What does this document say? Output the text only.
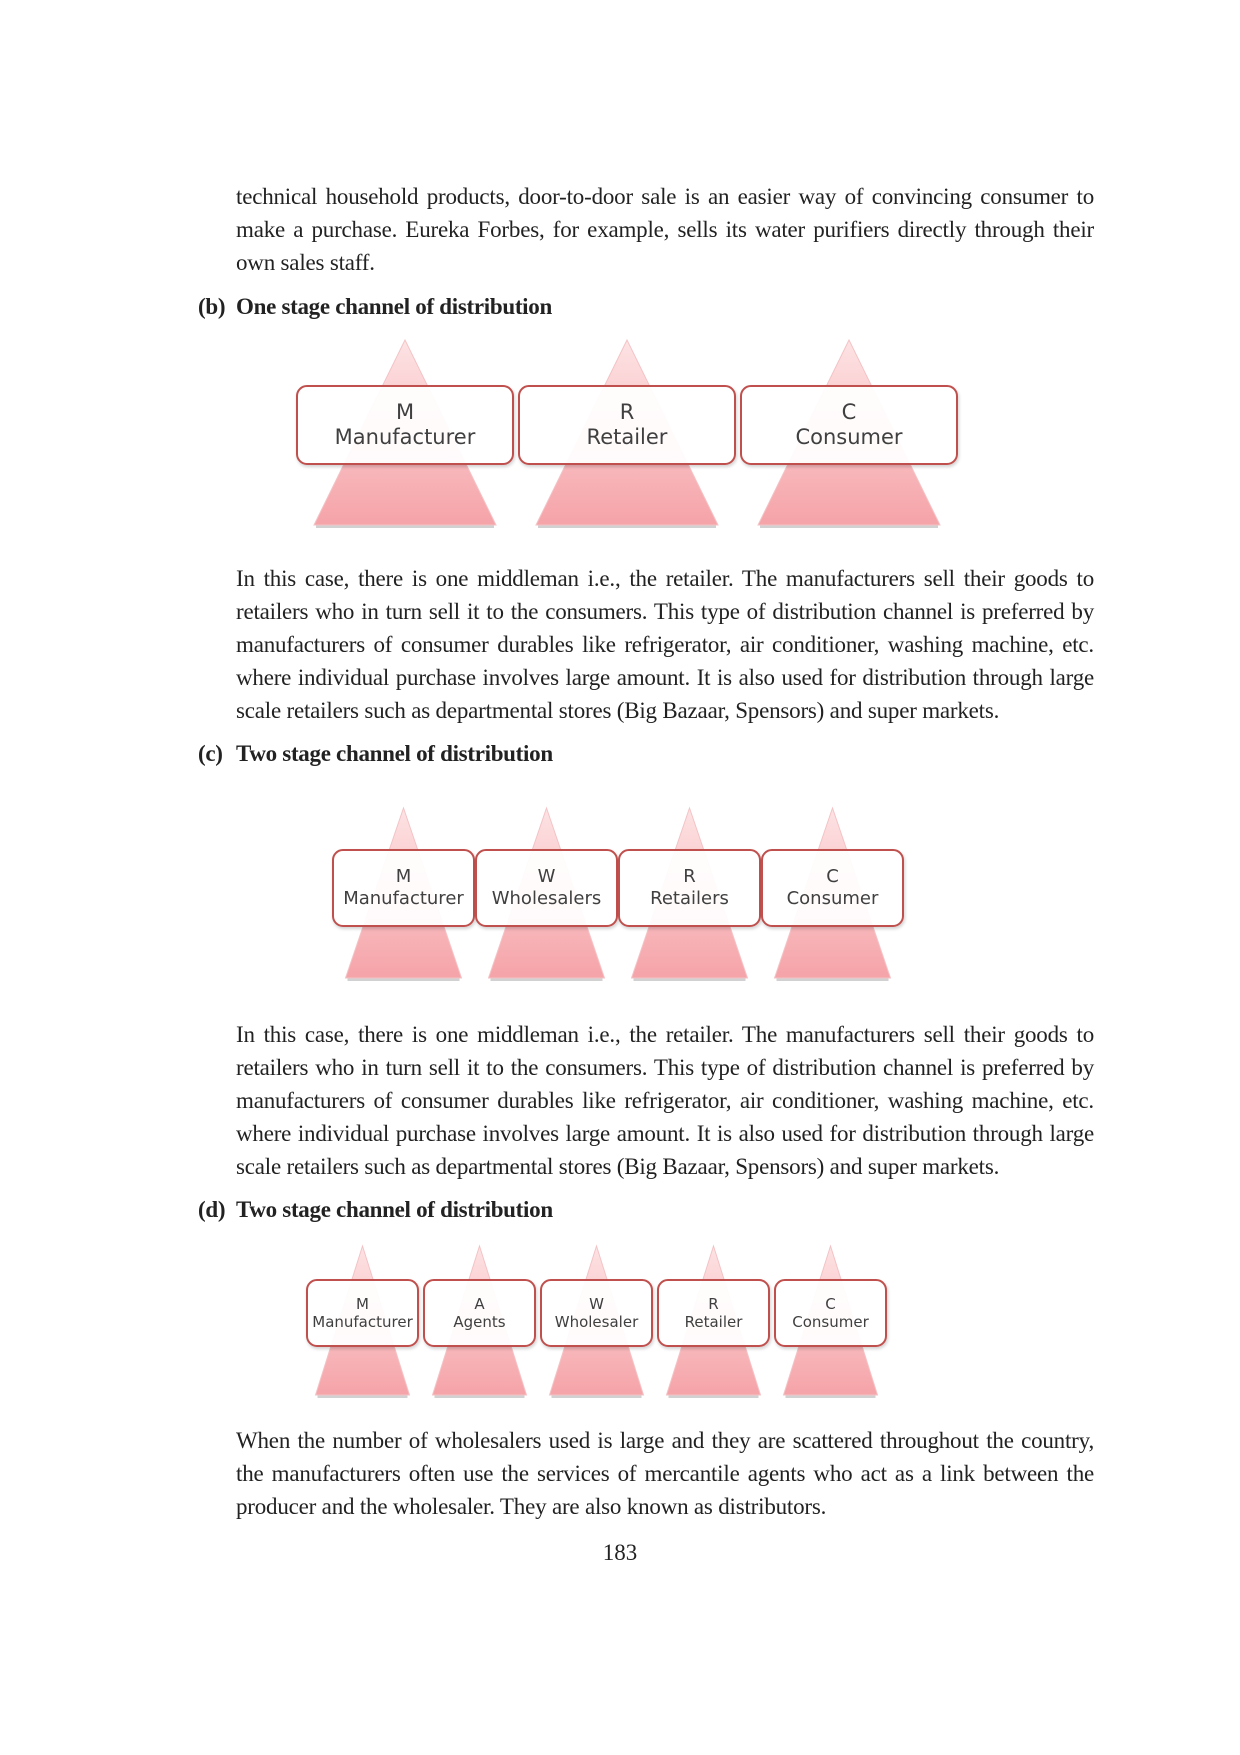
technical household products, door-to-door sale is an easier way of convincing consumer to
make a purchase. Eureka Forbes, for example, sells its water purifiers directly through their
own sales staff.
(b) One stage channel of distribution
M
Manufacturer
R
Retailer
C
Consumer
In this case, there is one middleman i.e., the retailer. The manufacturers sell their goods to
retailers who in turn sell it to the consumers. This type of distribution channel is preferred by
manufacturers of consumer durables like refrigerator, air conditioner, washing machine, etc.
where individual purchase involves large amount. It is also used for distribution through large
scale retailers such as departmental stores (Big Bazaar, Spensors) and super markets.
(c) Two stage channel of distribution
M
Manufacturer
W
Wholesalers
R
Retailers
C
Consumer
In this case, there is one middleman i.e., the retailer. The manufacturers sell their goods to
retailers who in turn sell it to the consumers. This type of distribution channel is preferred by
manufacturers of consumer durables like refrigerator, air conditioner, washing machine, etc.
where individual purchase involves large amount. It is also used for distribution through large
scale retailers such as departmental stores (Big Bazaar, Spensors) and super markets.
(d) Two stage channel of distribution
M
Manufacturer
A
Agents
W
Wholesaler
R
Retailer
C
Consumer
When the number of wholesalers used is large and they are scattered throughout the country,
the manufacturers often use the services of mercantile agents who act as a link between the
producer and the wholesaler. They are also known as distributors.
183
